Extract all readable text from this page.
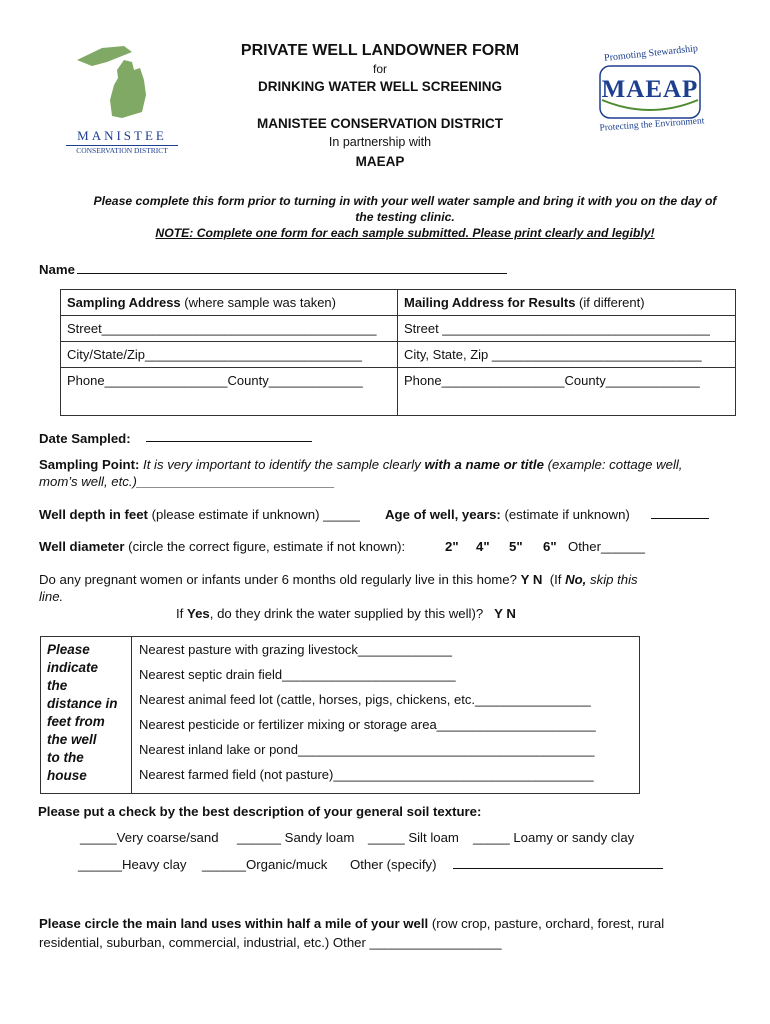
MANISTEE
CONSERVATION DISTRICT
PRIVATE WELL LANDOWNER FORM
for
DRINKING WATER WELL SCREENING
MANISTEE CONSERVATION DISTRICT
In partnership with
MAEAP
Promoting Stewardship
MAEAP
Protecting the Environment
Please complete this form prior to turning in with your well water sample and bring it with you on the day of
the testing clinic.
NOTE: Complete one form for each sample submitted. Please print clearly and legibly!
Name
Sampling Address (where sample was taken)	Mailing Address for Results (if different)
Street______________________________________	Street _____________________________________
City/State/Zip______________________________	City, State, Zip _____________________________
Phone_________________County_____________	Phone_________________County_____________
Date Sampled:
Sampling Point: It is very important to identify the sample clearly with a name or title (example: cottage well,
mom’s well, etc.)___________________________
Well depth in feet (please estimate if unknown) _____ Age of well, years: (estimate if unknown)
Well diameter (circle the correct figure, estimate if not known):	2" 4" 5" 6" Other______
Do any pregnant women or infants under 6 months old regularly live in this home? Y N (If No, skip this
line.
If Yes, do they drink the water supplied by this well)? Y N
Please
indicate
the
distance in
feet from
the well
to the
house

Nearest pasture with grazing livestock_____________
Nearest septic drain field________________________
Nearest animal feed lot (cattle, horses, pigs, chickens, etc.________________
Nearest pesticide or fertilizer mixing or storage area______________________
Nearest inland lake or pond_________________________________________
Nearest farmed field (not pasture)____________________________________
Please put a check by the best description of your general soil texture:
_____Very coarse/sand ______ Sandy loam _____ Silt loam _____ Loamy or sandy clay
______Heavy clay ______Organic/muck Other (specify)
Please circle the main land uses within half a mile of your well (row crop, pasture, orchard, forest, rural
residential, suburban, commercial, industrial, etc.) Other __________________
